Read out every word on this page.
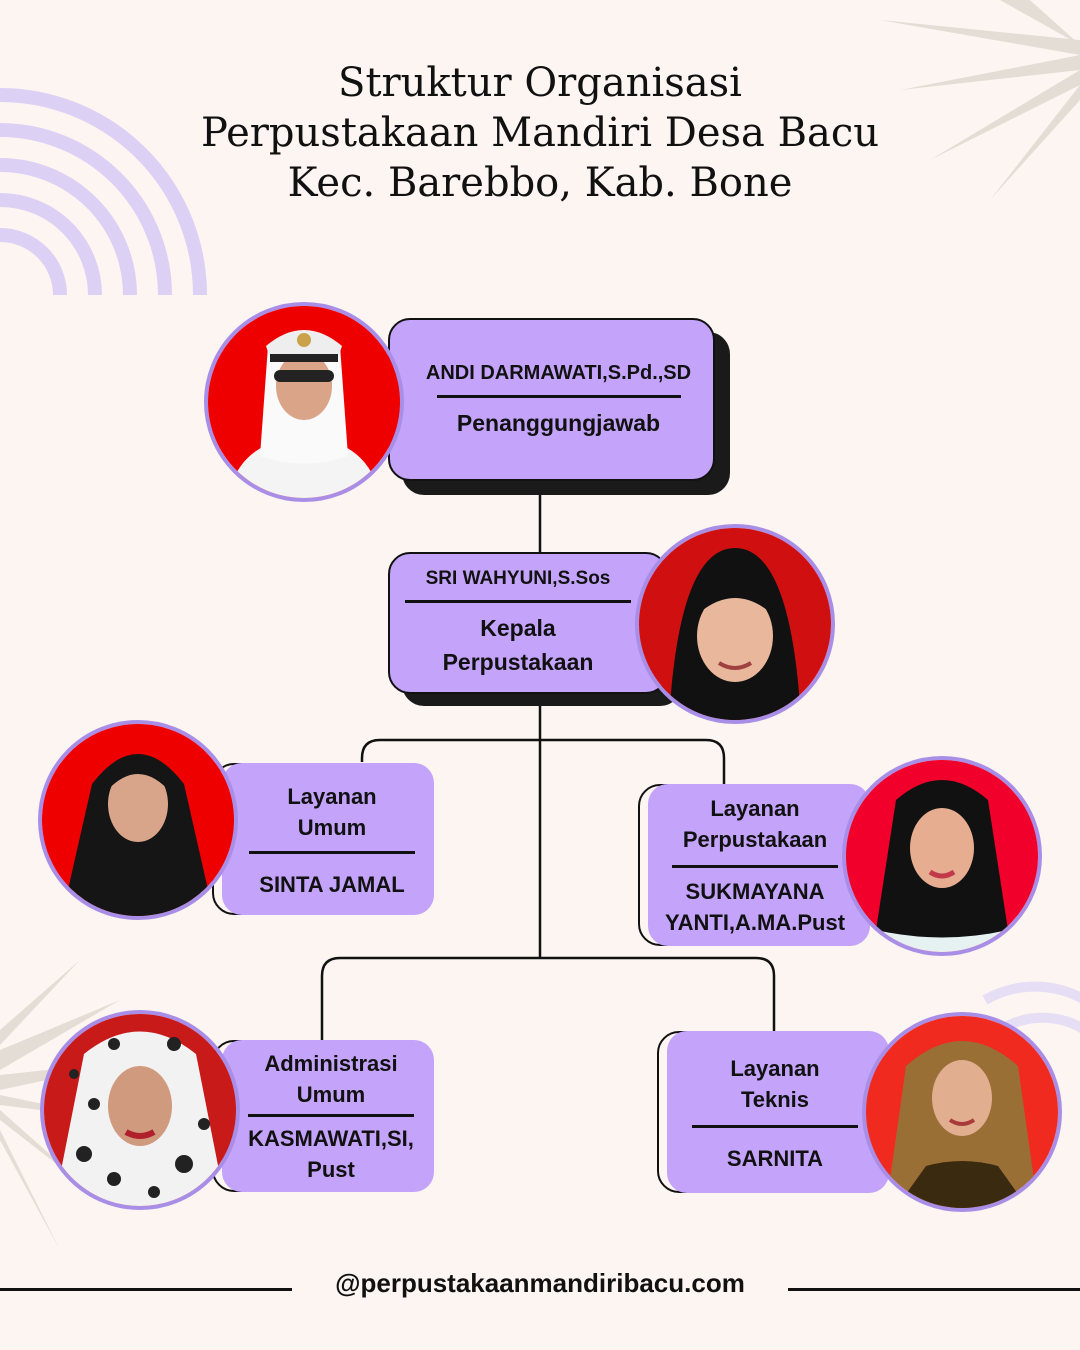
Struktur Organisasi
Perpustakaan Mandiri Desa Bacu
Kec. Barebbo, Kab. Bone
ANDI DARMAWATI,S.Pd.,SD
Penanggungjawab
SRI WAHYUNI,S.Sos
Kepala
Perpustakaan
Layanan
Umum
SINTA JAMAL
Layanan
Perpustakaan
SUKMAYANA
YANTI,A.MA.Pust
Administrasi
Umum
KASMAWATI,SI,
Pust
Layanan
Teknis
SARNITA
@perpustakaanmandiribacu.com
